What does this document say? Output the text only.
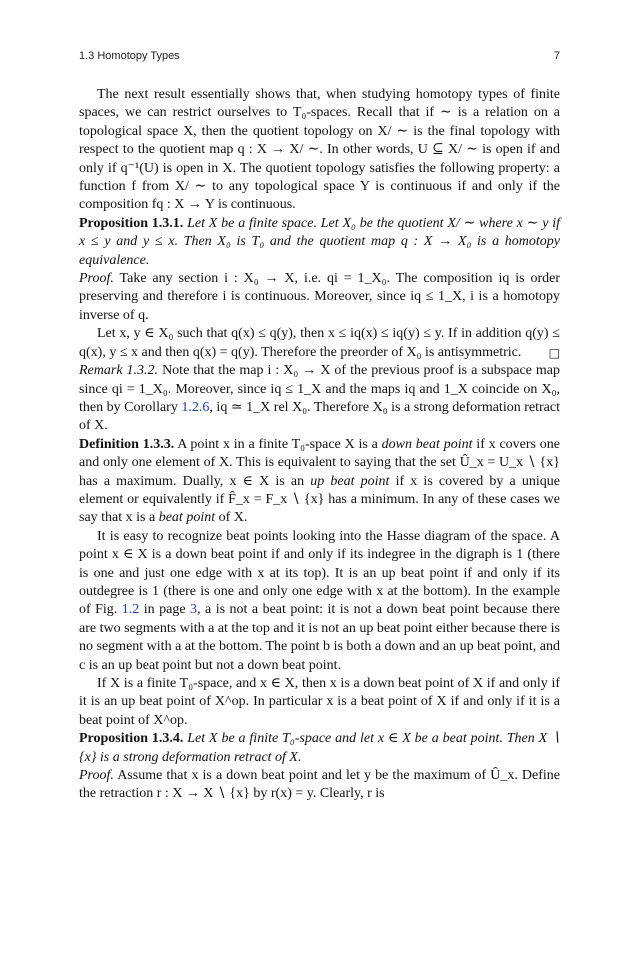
1.3 Homotopy Types	7

The next result essentially shows that, when studying homotopy types of finite spaces, we can restrict ourselves to T₀-spaces. Recall that if ∼ is a relation on a topological space X, then the quotient topology on X/ ∼ is the final topology with respect to the quotient map q : X → X/ ∼. In other words, U ⊆ X/ ∼ is open if and only if q⁻¹(U) is open in X. The quotient topology satisfies the following property: a function f from X/ ∼ to any topological space Y is continuous if and only if the composition fq : X → Y is continuous.

Proposition 1.3.1. Let X be a finite space. Let X₀ be the quotient X/ ∼ where x ∼ y if x ≤ y and y ≤ x. Then X₀ is T₀ and the quotient map q : X → X₀ is a homotopy equivalence.

Proof. Take any section i : X₀ → X, i.e. qi = 1_X₀. The composition iq is order preserving and therefore i is continuous. Moreover, since iq ≤ 1_X, i is a homotopy inverse of q.

Let x, y ∈ X₀ such that q(x) ≤ q(y), then x ≤ iq(x) ≤ iq(y) ≤ y. If in addition q(y) ≤ q(x), y ≤ x and then q(x) = q(y). Therefore the preorder of X₀ is antisymmetric.	□

Remark 1.3.2. Note that the map i : X₀ → X of the previous proof is a subspace map since qi = 1_X₀. Moreover, since iq ≤ 1_X and the maps iq and 1_X coincide on X₀, then by Corollary 1.2.6, iq ≃ 1_X rel X₀. Therefore X₀ is a strong deformation retract of X.

Definition 1.3.3. A point x in a finite T₀-space X is a down beat point if x covers one and only one element of X. This is equivalent to saying that the set Û_x = U_x ∖ {x} has a maximum. Dually, x ∈ X is an up beat point if x is covered by a unique element or equivalently if F̂_x = F_x ∖ {x} has a minimum. In any of these cases we say that x is a beat point of X.

It is easy to recognize beat points looking into the Hasse diagram of the space. A point x ∈ X is a down beat point if and only if its indegree in the digraph is 1 (there is one and just one edge with x at its top). It is an up beat point if and only if its outdegree is 1 (there is one and only one edge with x at the bottom). In the example of Fig. 1.2 in page 3, a is not a beat point: it is not a down beat point because there are two segments with a at the top and it is not an up beat point either because there is no segment with a at the bottom. The point b is both a down and an up beat point, and c is an up beat point but not a down beat point.

If X is a finite T₀-space, and x ∈ X, then x is a down beat point of X if and only if it is an up beat point of X^op. In particular x is a beat point of X if and only if it is a beat point of X^op.

Proposition 1.3.4. Let X be a finite T₀-space and let x ∈ X be a beat point. Then X ∖ {x} is a strong deformation retract of X.

Proof. Assume that x is a down beat point and let y be the maximum of Û_x. Define the retraction r : X → X ∖ {x} by r(x) = y. Clearly, r is
